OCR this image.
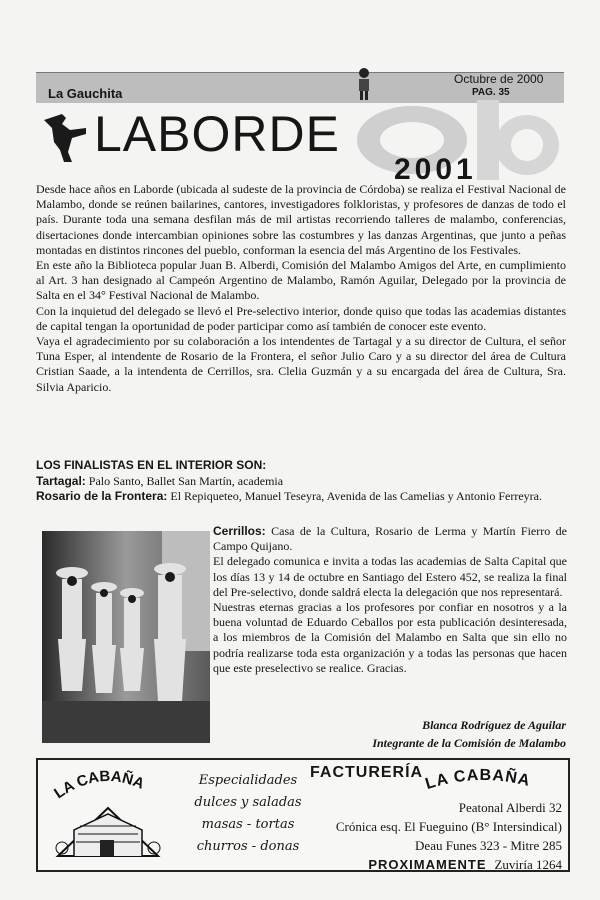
La Gauchita
Octubre de 2000
PAG. 35
LABORDE
2001

Desde hace años en Laborde (ubicada al sudeste de la provincia de Córdoba) se realiza el Festival Nacional de Malambo, donde se reúnen bailarines, cantores, investigadores folkloristas, y profesores de danzas de todo el país. Durante toda una semana desfilan más de mil artistas recorriendo talleres de malambo, conferencias, disertaciones donde intercambian opiniones sobre las costumbres y las danzas Argentinas, que junto a peñas montadas en distintos rincones del pueblo, conforman la esencia del más Argentino de los Festivales.

En este año la Biblioteca popular Juan B. Alberdi, Comisión del Malambo Amigos del Arte, en cumplimiento al Art. 3 han designado al Campeón Argentino de Malambo, Ramón Aguilar, Delegado por la provincia de Salta en el 34° Festival Nacional de Malambo.

Con la inquietud del delegado se llevó el Pre-selectivo interior, donde quiso que todas las academias distantes de capital tengan la oportunidad de poder participar como así también de conocer este evento.

Vaya el agradecimiento por su colaboración a los intendentes de Tartagal y a su director de Cultura, el señor Tuna Esper, al intendente de Rosario de la Frontera, el señor Julio Caro y a su director del área de Cultura Cristian Saade, a la intendenta de Cerrillos, sra. Clelia Guzmán y a su encargada del área de Cultura, Sra. Silvia Aparicio.

LOS FINALISTAS EN EL INTERIOR SON:

Tartagal: Palo Santo, Ballet San Martín, academia

Rosario de la Frontera: El Repiqueteo, Manuel Teseyra, Avenida de las Camelias y Antonio Ferreyra.

Cerrillos: Casa de la Cultura, Rosario de Lerma y Martín Fierro de Campo Quijano.

El delegado comunica e invita a todas las academias de Salta Capital que los días 13 y 14 de octubre en Santiago del Estero 452, se realiza la final del Pre-selectivo, donde saldrá electa la delegación que nos representará.

Nuestras eternas gracias a los profesores por confiar en nosotros y a la buena voluntad de Eduardo Ceballos por esta publicación desinteresada, a los miembros de la Comisión del Malambo en Salta que sin ello no podría realizarse toda esta organización y a todas las personas que hacen que este preselectivo se realice. Gracias.

Blanca Rodríguez de Aguilar
Integrante de la Comisión de Malambo
LA CABAÑA	Especialidades
dulces y saladas
masas - tortas
churros - donas
FACTURERÍA
LA CABAÑA
Peatonal Alberdi 32
Crónica esq. El Fueguino (B° Intersindical)
Deau Funes 323 - Mitre 285
PROXIMAMENTE Zuviría 1264
